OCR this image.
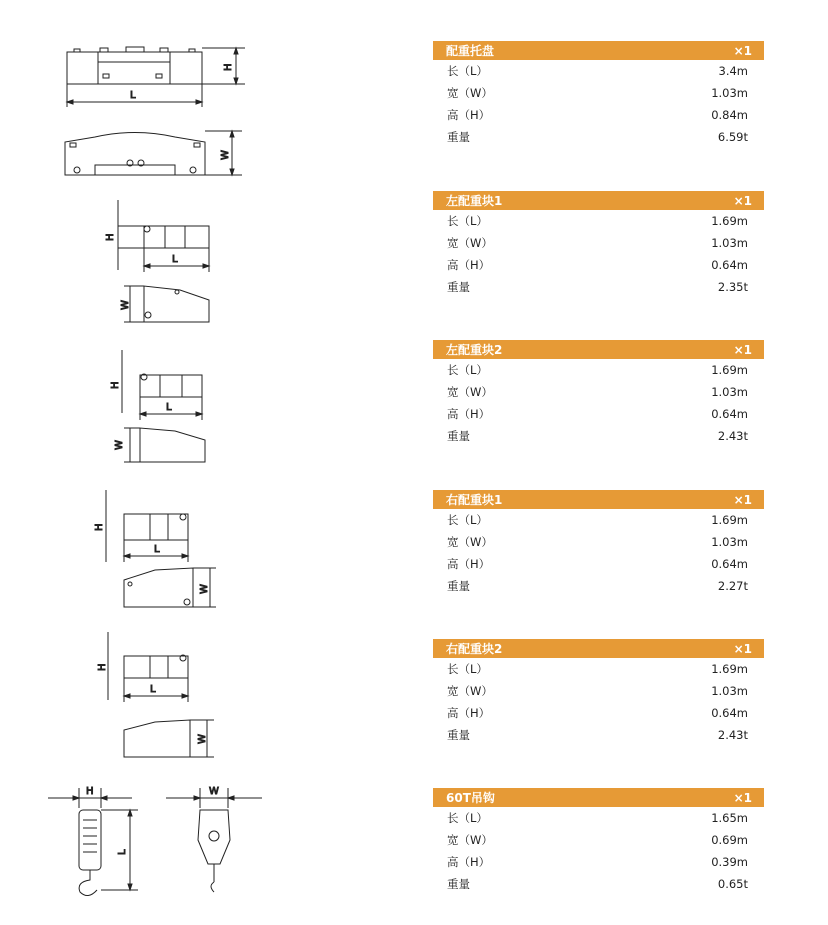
L
H
W
L
H
W
L
H
W
L
H
W
L
H
W
H
L
W
配重托盘	×1
长（L）	3.4m
宽（W）	1.03m
高（H）	0.84m
重量	6.59t
左配重块1	×1
长（L）	1.69m
宽（W）	1.03m
高（H）	0.64m
重量	2.35t
左配重块2	×1
长（L）	1.69m
宽（W）	1.03m
高（H）	0.64m
重量	2.43t
右配重块1	×1
长（L）	1.69m
宽（W）	1.03m
高（H）	0.64m
重量	2.27t
右配重块2	×1
长（L）	1.69m
宽（W）	1.03m
高（H）	0.64m
重量	2.43t
60T吊钩	×1
长（L）	1.65m
宽（W）	0.69m
高（H）	0.39m
重量	0.65t
